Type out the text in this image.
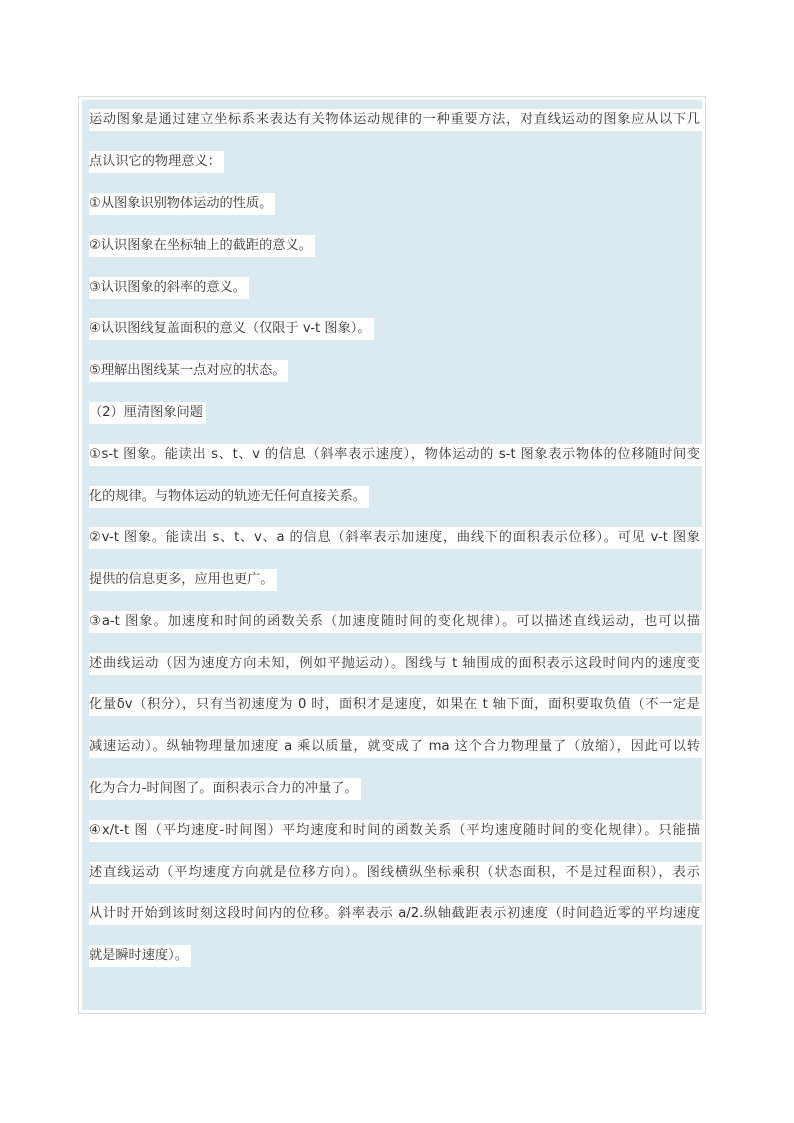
运动图象是通过建立坐标系来表达有关物体运动规律的一种重要方法，对直线运动的图象应从以下几
点认识它的物理意义：
①从图象识别物体运动的性质。
②认识图象在坐标轴上的截距的意义。
③认识图象的斜率的意义。
④认识图线复盖面积的意义（仅限于 v-t 图象）。
⑤理解出图线某一点对应的状态。
（2）厘清图象问题
①s-t 图象。能读出 s、t、v 的信息（斜率表示速度），物体运动的 s-t 图象表示物体的位移随时间变
化的规律。与物体运动的轨迹无任何直接关系。
②v-t 图象。能读出 s、t、v、a 的信息（斜率表示加速度，曲线下的面积表示位移）。可见 v-t 图象
提供的信息更多，应用也更广。
③a-t 图象。加速度和时间的函数关系（加速度随时间的变化规律）。可以描述直线运动，也可以描
述曲线运动（因为速度方向未知，例如平抛运动）。图线与 t 轴围成的面积表示这段时间内的速度变
化量δv（积分），只有当初速度为 0 时，面积才是速度，如果在 t 轴下面，面积要取负值（不一定是
减速运动）。纵轴物理量加速度 a 乘以质量，就变成了 ma 这个合力物理量了（放缩），因此可以转
化为合力-时间图了。面积表示合力的冲量了。
④x/t-t 图（平均速度-时间图）平均速度和时间的函数关系（平均速度随时间的变化规律）。只能描
述直线运动（平均速度方向就是位移方向）。图线横纵坐标乘积（状态面积，不是过程面积），表示
从计时开始到该时刻这段时间内的位移。斜率表示 a/2.纵轴截距表示初速度（时间趋近零的平均速度
就是瞬时速度）。
